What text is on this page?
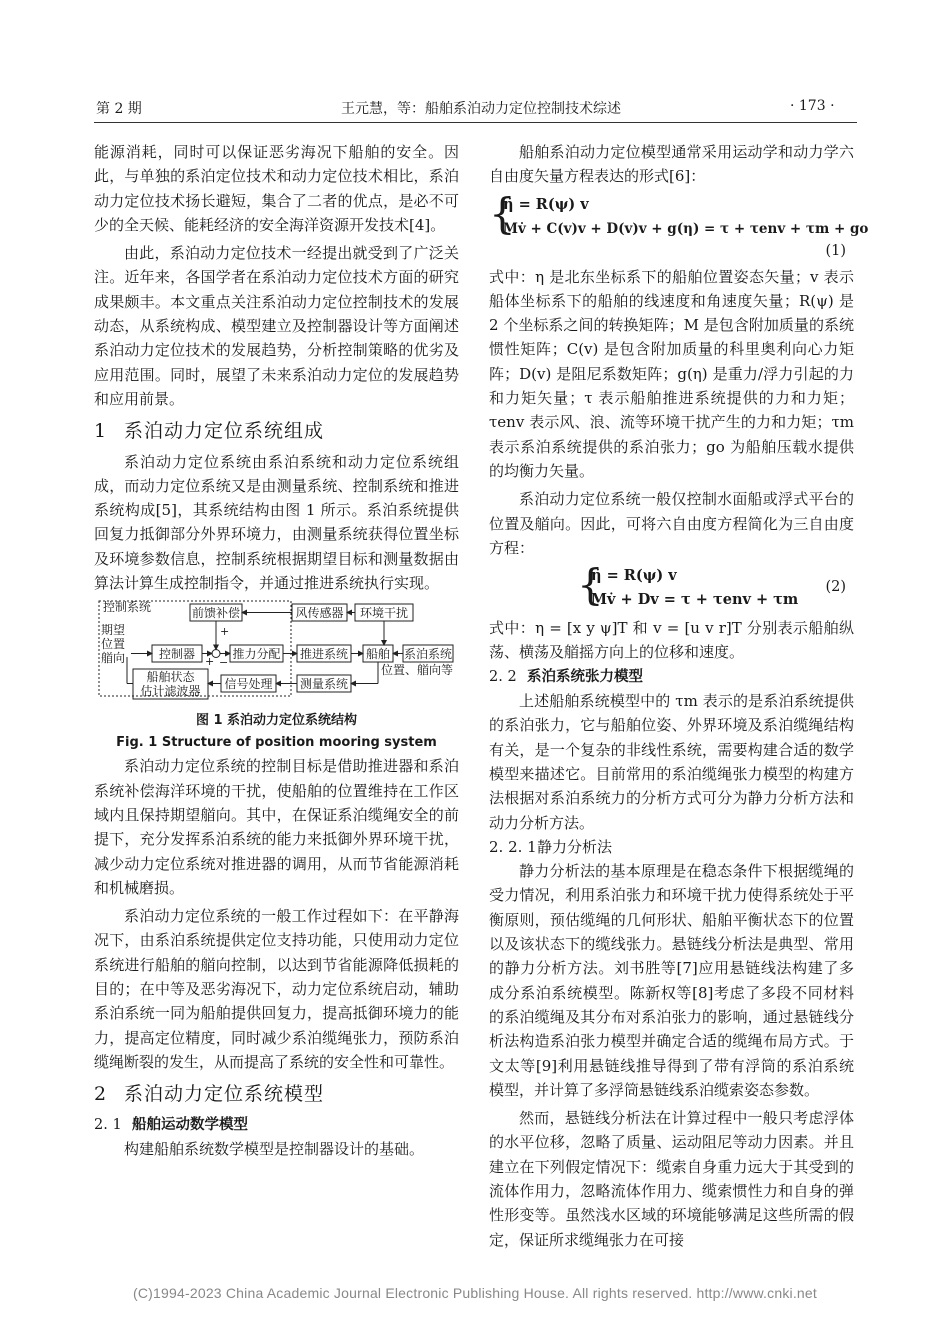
第 2 期	王元慧，等：船舶系泊动力定位控制技术综述	· 173 ·

能源消耗，同时可以保证恶劣海况下船舶的安全。因此，与单独的系泊定位技术和动力定位技术相比，系泊动力定位技术扬长避短，集合了二者的优点，是必不可少的全天候、能耗经济的安全海洋资源开发技术[4]。

由此，系泊动力定位技术一经提出就受到了广泛关注。近年来，各国学者在系泊动力定位技术方面的研究成果颇丰。本文重点关注系泊动力定位控制技术的发展动态，从系统构成、模型建立及控制器设计等方面阐述系泊动力定位技术的发展趋势，分析控制策略的优劣及应用范围。同时，展望了未来系泊动力定位的发展趋势和应用前景。

1 系泊动力定位系统组成

系泊动力定位系统由系泊系统和动力定位系统组成，而动力定位系统又是由测量系统、控制系统和推进系统构成[5]，其系统结构由图 1 所示。系泊系统提供回复力抵御部分外界环境力，由测量系统获得位置坐标及环境参数信息，控制系统根据期望目标和测量数据由算法计算生成控制指令，并通过推进系统执行实现。

控制系统
期望
位置
艏向	控制器
前馈补偿
推力分配 推进系统 船舶 系泊系统
风传感器	环境干扰
船舶状态
估计滤波器	信号处理 测量系统
位置、艏向等
+
+ −
图 1 系泊动力定位系统结构
Fig. 1 Structure of position mooring system

系泊动力定位系统的控制目标是借助推进器和系泊系统补偿海洋环境的干扰，使船舶的位置维持在工作区域内且保持期望艏向。其中，在保证系泊缆绳安全的前提下，充分发挥系泊系统的能力来抵御外界环境干扰，减少动力定位系统对推进器的调用，从而节省能源消耗和机械磨损。

系泊动力定位系统的一般工作过程如下：在平静海况下，由系泊系统提供定位支持功能，只使用动力定位系统进行船舶的艏向控制，以达到节省能源降低损耗的目的；在中等及恶劣海况下，动力定位系统启动，辅助系泊系统一同为船舶提供回复力，提高抵御环境力的能力，提高定位精度，同时减少系泊缆绳张力，预防系泊缆绳断裂的发生，从而提高了系统的安全性和可靠性。

2 系泊动力定位系统模型
2. 1 船舶运动数学模型

构建船舶系统数学模型是控制器设计的基础。

船舶系泊动力定位模型通常采用运动学和动力学六自由度矢量方程表达的形式[6]：

{
η̇ = R(ψ) v
Mv̇ + C(v)v + D(v)v + g(η) = τ + τenv + τm + go
(1)

式中：η 是北东坐标系下的船舶位置姿态矢量；v 表示船体坐标系下的船舶的线速度和角速度矢量；R(ψ) 是 2 个坐标系之间的转换矩阵；M 是包含附加质量的系统惯性矩阵；C(v) 是包含附加质量的科里奥利向心力矩阵；D(v) 是阻尼系数矩阵；g(η) 是重力/浮力引起的力和力矩矢量；τ 表示船舶推进系统提供的力和力矩；τenv 表示风、浪、流等环境干扰产生的力和力矩；τm 表示系泊系统提供的系泊张力；go 为船舶压载水提供的均衡力矢量。

系泊动力定位系统一般仅控制水面船或浮式平台的位置及艏向。因此，可将六自由度方程简化为三自由度方程：

{
η̇ = R(ψ) v
Mv̇ + Dv = τ + τenv + τm
(2)

式中：η = [x y ψ]T 和 v = [u v r]T 分别表示船舶纵荡、横荡及艏摇方向上的位移和速度。

2. 2 系泊系统张力模型

上述船舶系统模型中的 τm 表示的是系泊系统提供的系泊张力，它与船舶位姿、外界环境及系泊缆绳结构有关，是一个复杂的非线性系统，需要构建合适的数学模型来描述它。目前常用的系泊缆绳张力模型的构建方法根据对系泊系统力的分析方式可分为静力分析方法和动力分析方法。

2. 2. 1静力分析法

静力分析法的基本原理是在稳态条件下根据缆绳的受力情况，利用系泊张力和环境干扰力使得系统处于平衡原则，预估缆绳的几何形状、船舶平衡状态下的位置以及该状态下的缆线张力。悬链线分析法是典型、常用的静力分析方法。刘书胜等[7]应用悬链线法构建了多成分系泊系统模型。陈新权等[8]考虑了多段不同材料的系泊缆绳及其分布对系泊张力的影响，通过悬链线分析法构造系泊张力模型并确定合适的缆绳布局方式。于文太等[9]利用悬链线推导得到了带有浮筒的系泊系统模型，并计算了多浮筒悬链线系泊缆索姿态参数。

然而，悬链线分析法在计算过程中一般只考虑浮体的水平位移，忽略了质量、运动阻尼等动力因素。并且建立在下列假定情况下：缆索自身重力远大于其受到的流体作用力，忽略流体作用力、缆索惯性力和自身的弹性形变等。虽然浅水区域的环境能够满足这些所需的假定，保证所求缆绳张力在可接

(C)1994-2023 China Academic Journal Electronic Publishing House. All rights reserved. http://www.cnki.net
